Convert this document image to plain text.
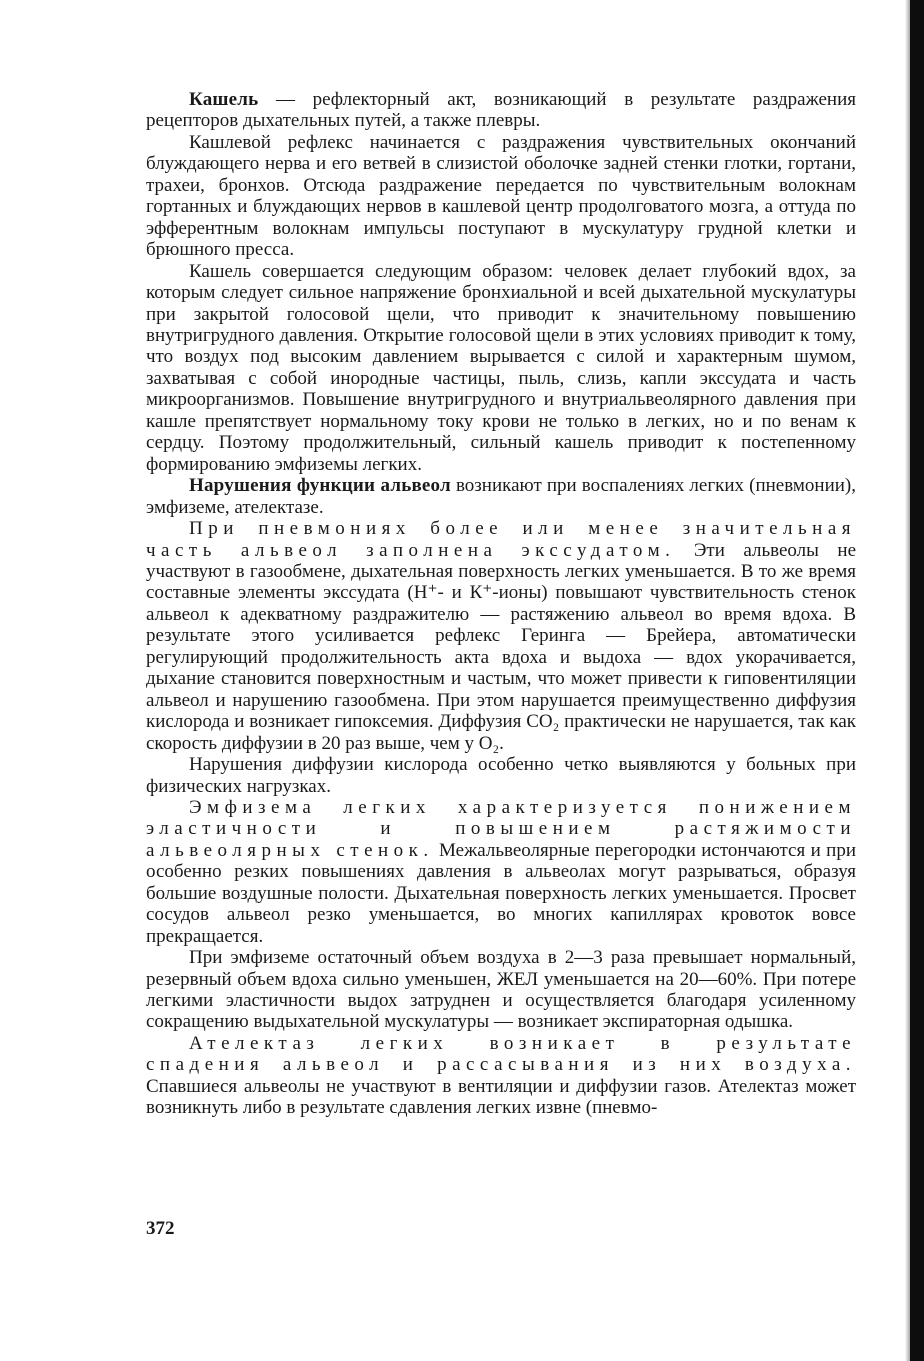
Кашель — рефлекторный акт, возникающий в результате раздражения рецепторов дыхательных путей, а также плевры.

Кашлевой рефлекс начинается с раздражения чувствительных окончаний блуждающего нерва и его ветвей в слизистой оболочке задней стенки глотки, гортани, трахеи, бронхов. Отсюда раздражение передается по чувствительным волокнам гортанных и блуждающих нервов в кашлевой центр продолговатого мозга, а оттуда по эфферентным волокнам импульсы поступают в мускулатуру грудной клетки и брюшного пресса.

Кашель совершается следующим образом: человек делает глубокий вдох, за которым следует сильное напряжение бронхиальной и всей дыхательной мускулатуры при закрытой голосовой щели, что приводит к значительному повышению внутригрудного давления. Открытие голосовой щели в этих условиях приводит к тому, что воздух под высоким давлением вырывается с силой и характерным шумом, захватывая с собой инородные частицы, пыль, слизь, капли экссудата и часть микроорганизмов. Повышение внутригрудного и внутриальвеолярного давления при кашле препятствует нормальному току крови не только в легких, но и по венам к сердцу. Поэтому продолжительный, сильный кашель приводит к постепенному формированию эмфиземы легких.

Нарушения функции альвеол возникают при воспалениях легких (пневмонии), эмфиземе, ателектазе.

При пневмониях более или менее значительная часть альвеол заполнена экссудатом. Эти альвеолы не участвуют в газообмене, дыхательная поверхность легких уменьшается. В то же время составные элементы экссудата (Н⁺- и К⁺-ионы) повышают чувствительность стенок альвеол к адекватному раздражителю — растяжению альвеол во время вдоха. В результате этого усиливается рефлекс Геринга — Брейера, автоматически регулирующий продолжительность акта вдоха и выдоха — вдох укорачивается, дыхание становится поверхностным и частым, что может привести к гиповентиляции альвеол и нарушению газообмена. При этом нарушается преимущественно диффузия кислорода и возникает гипоксемия. Диффузия СО₂ практически не нарушается, так как скорость диффузии в 20 раз выше, чем у О₂.

Нарушения диффузии кислорода особенно четко выявляются у больных при физических нагрузках.

Эмфизема легких характеризуется понижением эластичности и повышением растяжимости альвеолярных стенок. Межальвеолярные перегородки истончаются и при особенно резких повышениях давления в альвеолах могут разрываться, образуя большие воздушные полости. Дыхательная поверхность легких уменьшается. Просвет сосудов альвеол резко уменьшается, во многих капиллярах кровоток вовсе прекращается.

При эмфиземе остаточный объем воздуха в 2—3 раза превышает нормальный, резервный объем вдоха сильно уменьшен, ЖЕЛ уменьшается на 20—60%. При потере легкими эластичности выдох затруднен и осуществляется благодаря усиленному сокращению выдыхательной мускулатуры — возникает экспираторная одышка.

Ателектаз легких возникает в результате спадения альвеол и рассасывания из них воздуха. Спавшиеся альвеолы не участвуют в вентиляции и диффузии газов. Ателектаз может возникнуть либо в результате сдавления легких извне (пневмо-

372
